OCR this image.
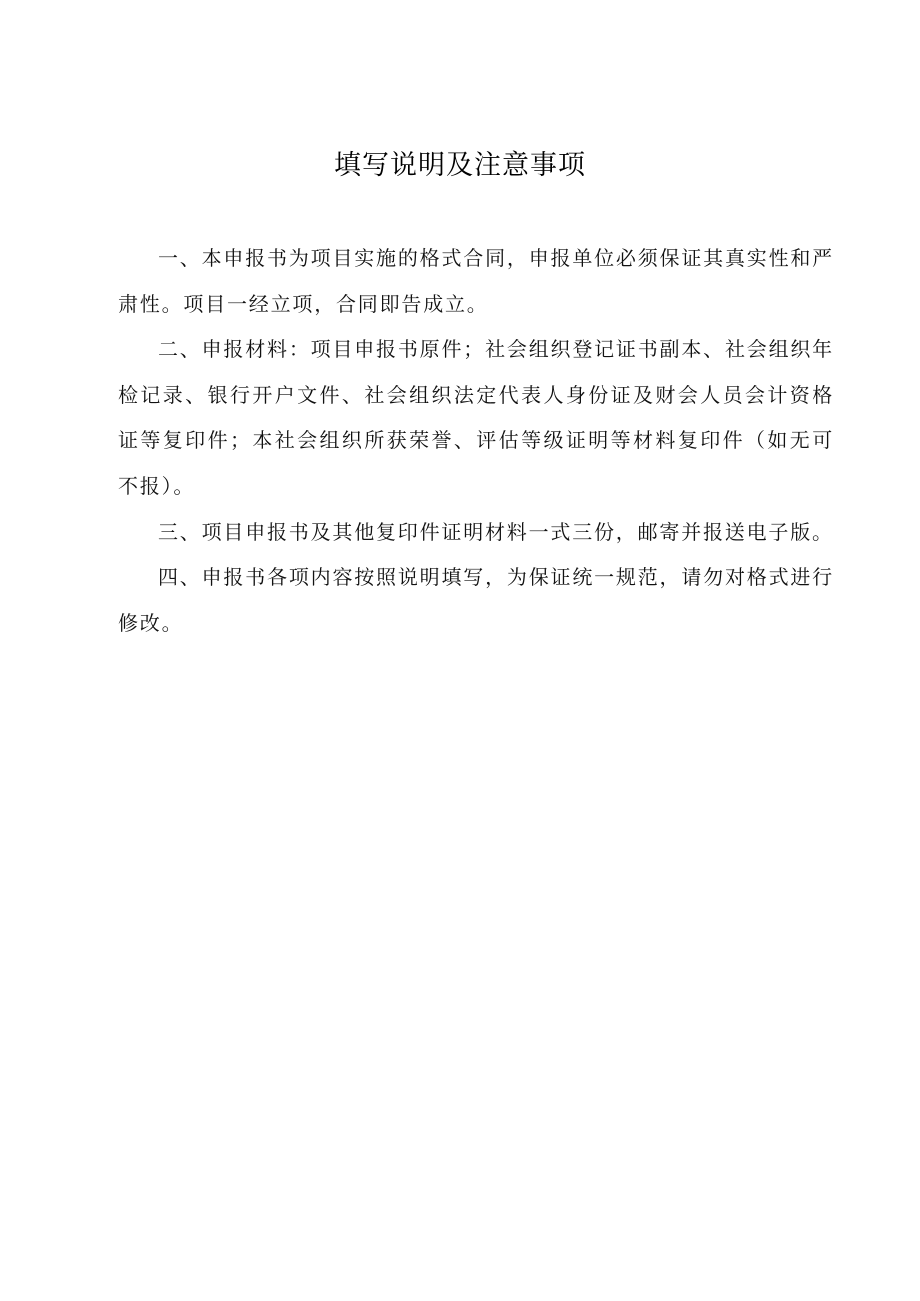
填写说明及注意事项

一、本申报书为项目实施的格式合同，申报单位必须保证其真实性和严肃性。项目一经立项，合同即告成立。

二、申报材料：项目申报书原件；社会组织登记证书副本、社会组织年检记录、银行开户文件、社会组织法定代表人身份证及财会人员会计资格证等复印件；本社会组织所获荣誉、评估等级证明等材料复印件（如无可不报）。

三、项目申报书及其他复印件证明材料一式三份，邮寄并报送电子版。

四、申报书各项内容按照说明填写，为保证统一规范，请勿对格式进行修改。
